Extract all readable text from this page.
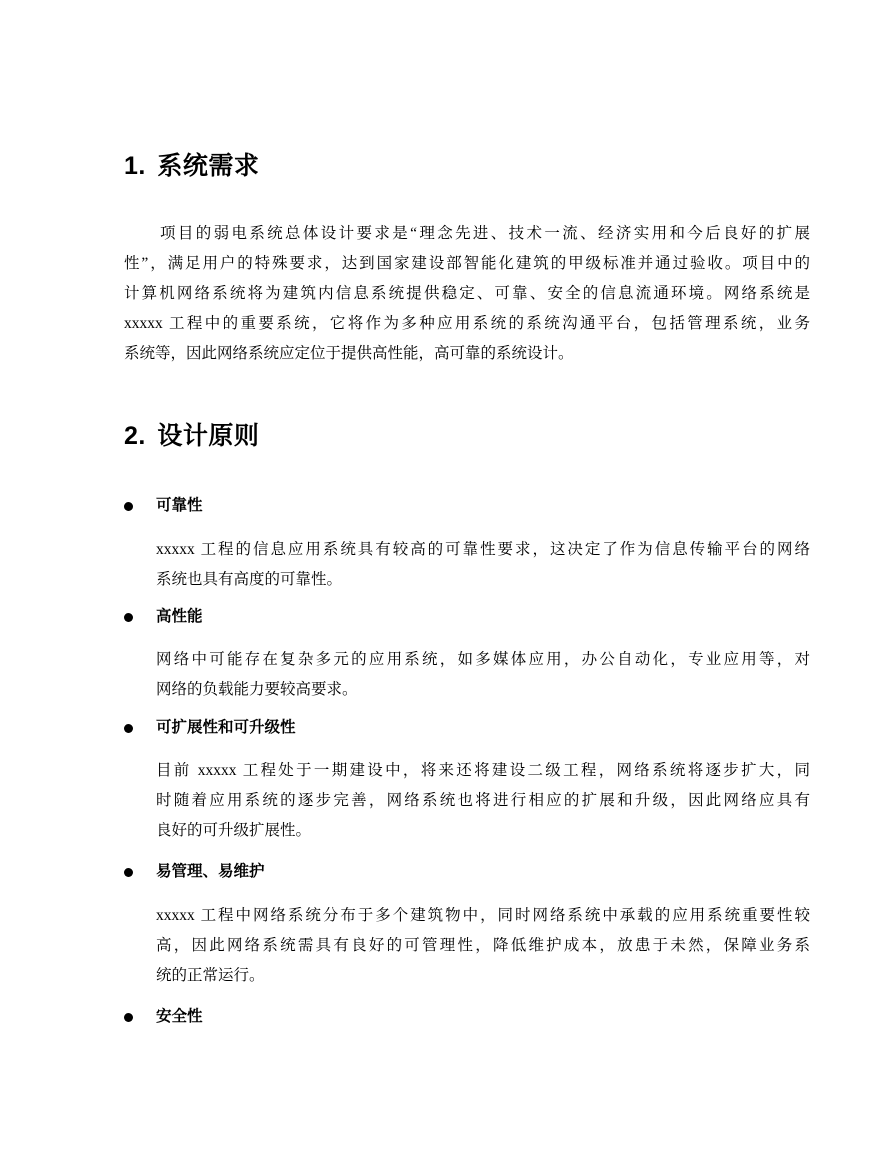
1. 系统需求
项目的弱电系统总体设计要求是“理念先进、技术一流、经济实用和今后良好的扩展
性”，满足用户的特殊要求，达到国家建设部智能化建筑的甲级标准并通过验收。项目中的
计算机网络系统将为建筑内信息系统提供稳定、可靠、安全的信息流通环境。网络系统是
xxxxx 工程中的重要系统，它将作为多种应用系统的系统沟通平台，包括管理系统，业务
系统等，因此网络系统应定位于提供高性能，高可靠的系统设计。
2. 设计原则
可靠性
xxxxx 工程的信息应用系统具有较高的可靠性要求，这决定了作为信息传输平台的网络
系统也具有高度的可靠性。
高性能
网络中可能存在复杂多元的应用系统，如多媒体应用，办公自动化，专业应用等，对
网络的负载能力要较高要求。
可扩展性和可升级性
目前 xxxxx 工程处于一期建设中，将来还将建设二级工程，网络系统将逐步扩大，同
时随着应用系统的逐步完善，网络系统也将进行相应的扩展和升级，因此网络应具有
良好的可升级扩展性。
易管理、易维护
xxxxx 工程中网络系统分布于多个建筑物中，同时网络系统中承载的应用系统重要性较
高，因此网络系统需具有良好的可管理性，降低维护成本，放患于未然，保障业务系
统的正常运行。
安全性
